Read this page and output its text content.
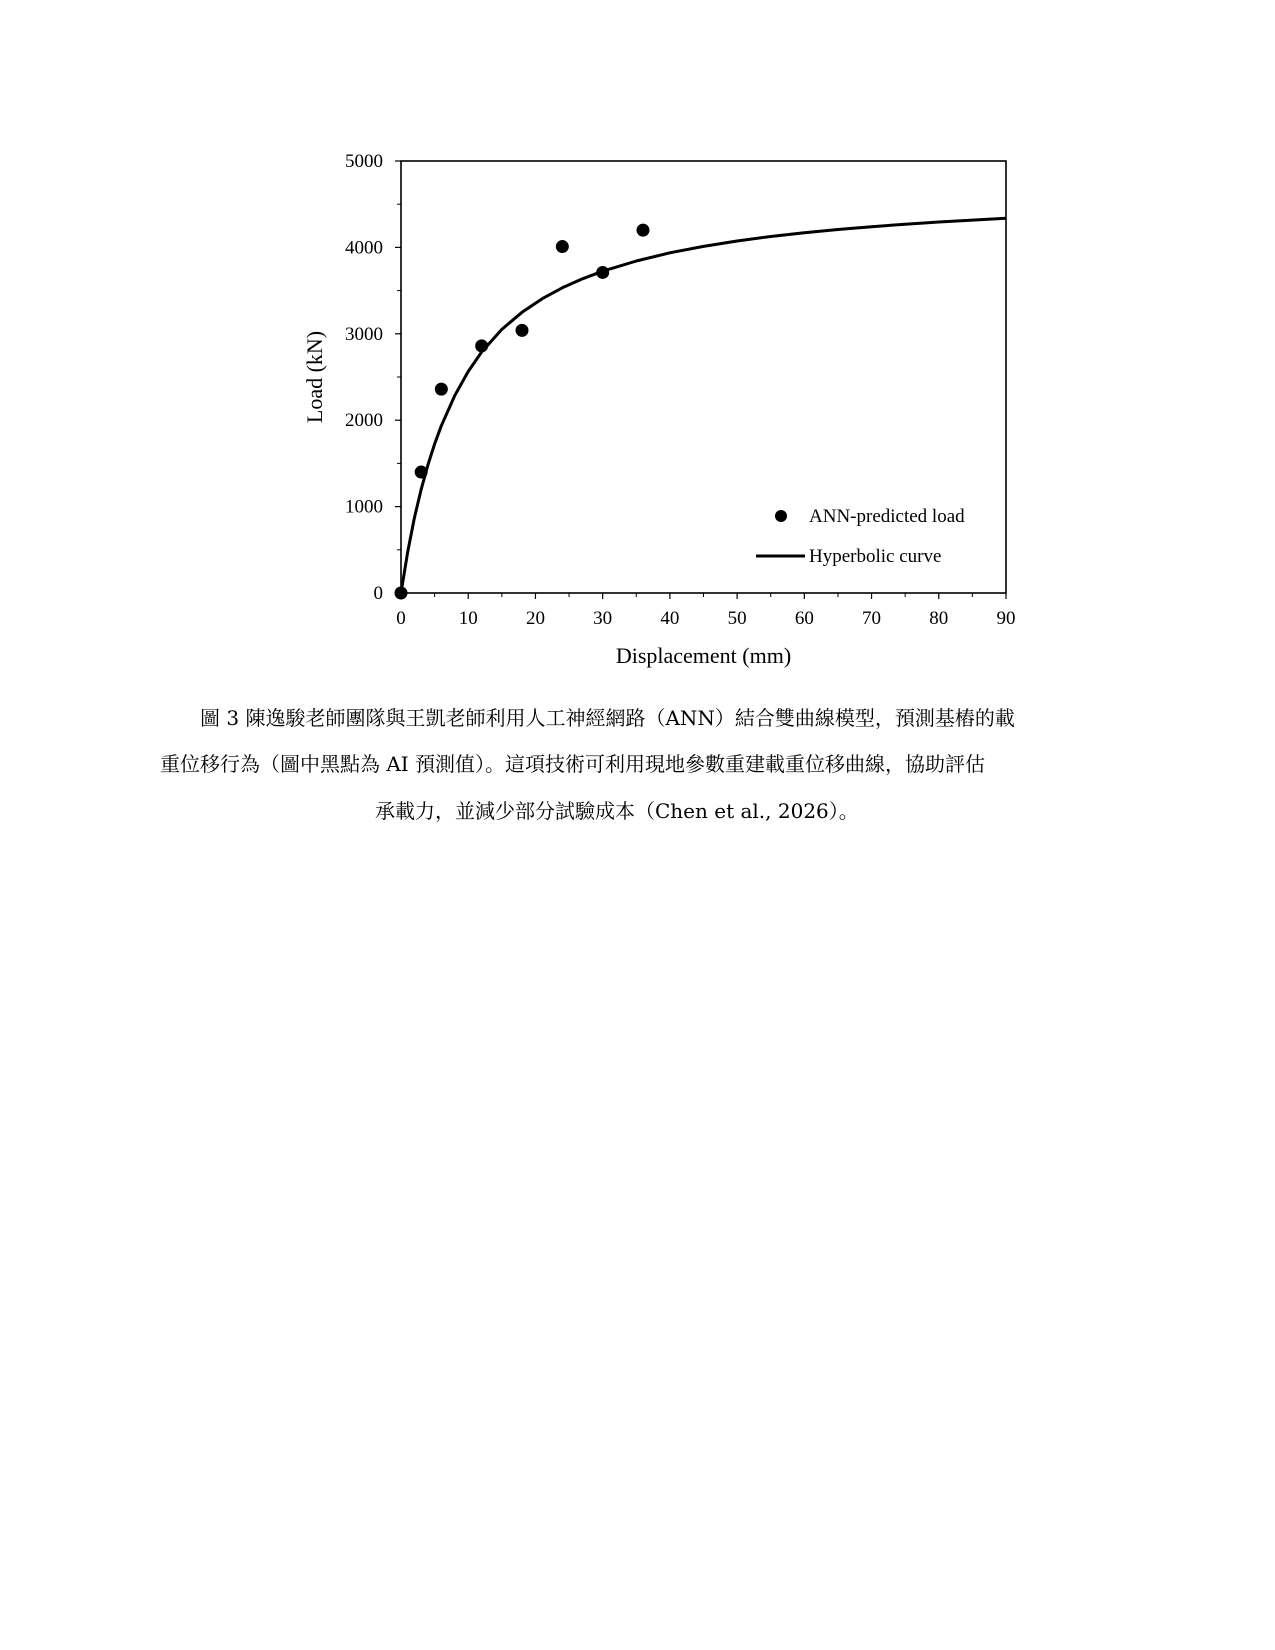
0	10	20	30	40	50	60	70	80	90
0
1000
2000
3000
4000
5000
Displacement (mm)
Load (kN)
ANN-predicted load
Hyperbolic curve
圖 3 陳逸駿老師團隊與王凱老師利用人工神經網路（ANN）結合雙曲線模型，預測基樁的載
重位移行為（圖中黑點為 AI 預測值）。這項技術可利用現地參數重建載重位移曲線，協助評估
承載力，並減少部分試驗成本（Chen et al., 2026）。
